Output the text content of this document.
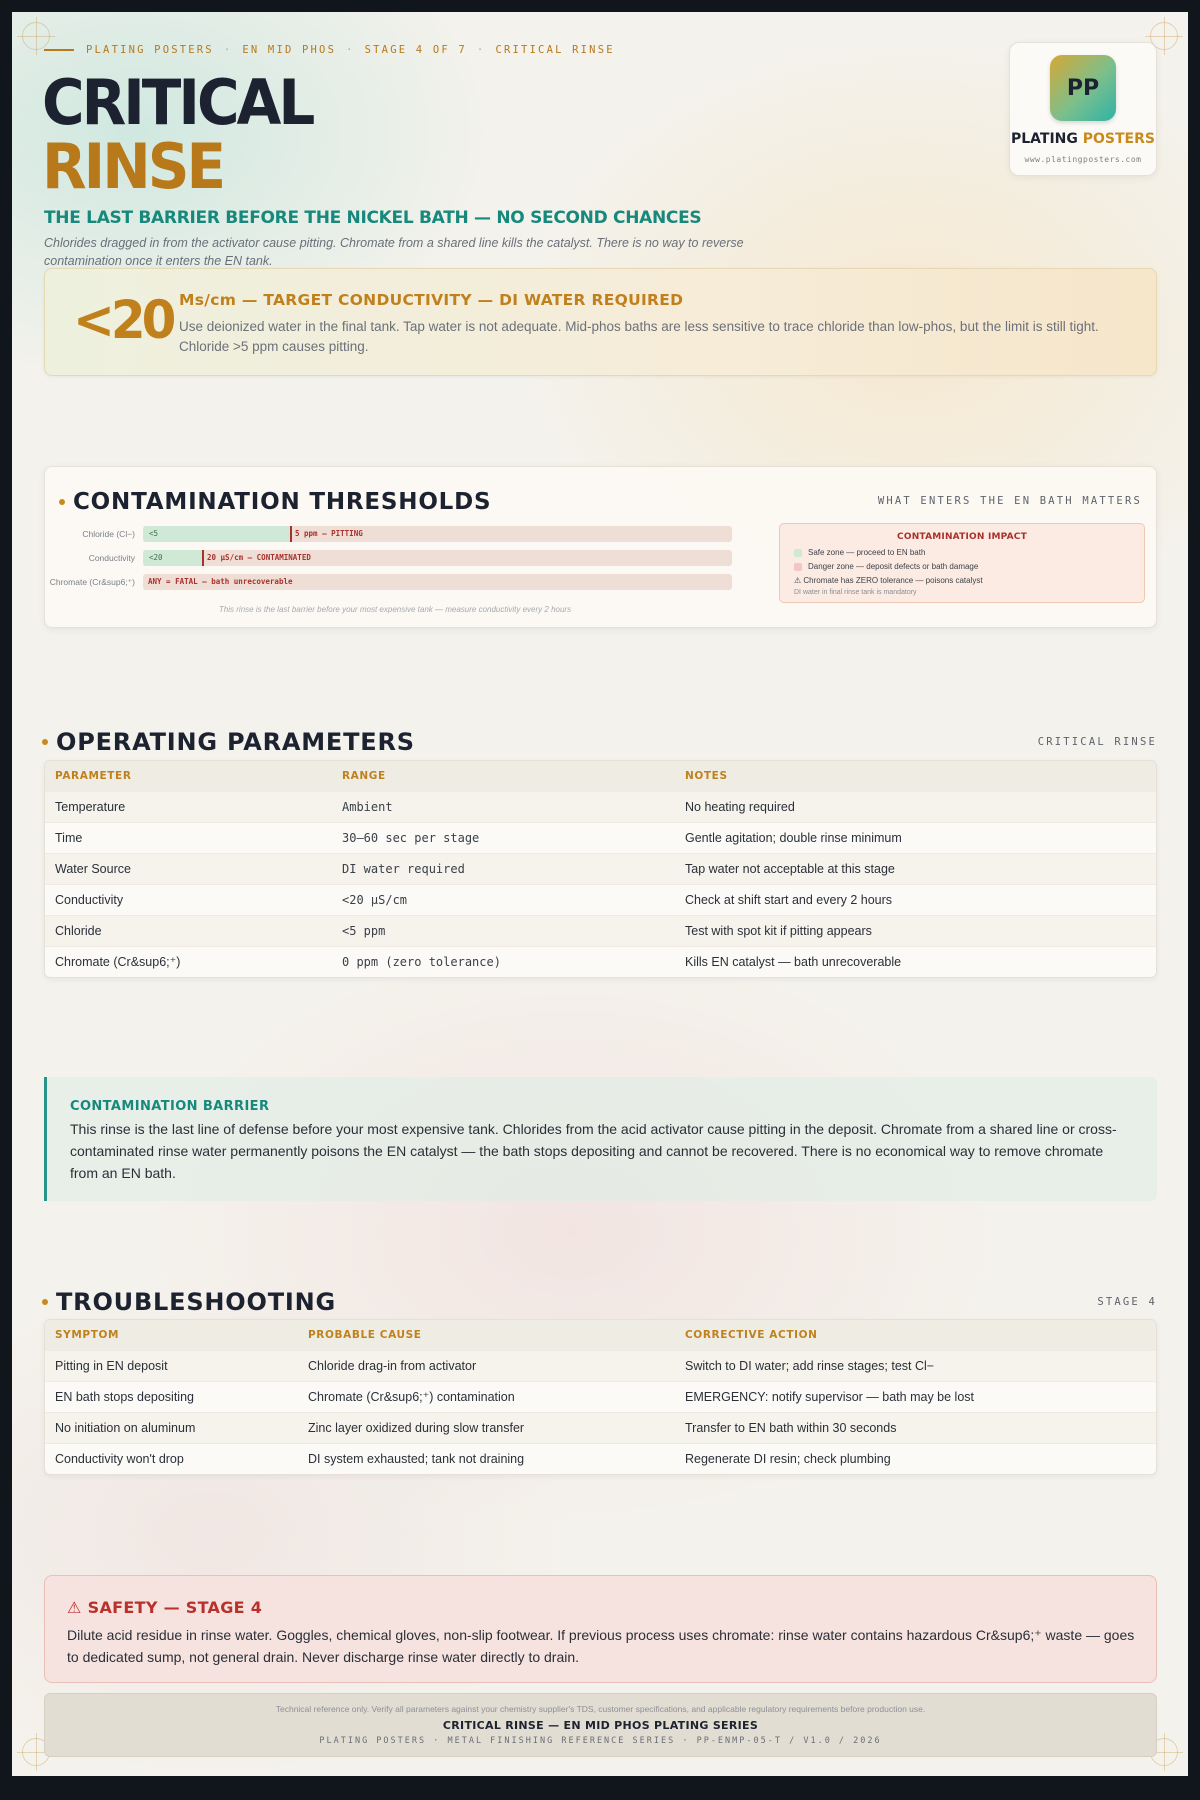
PLATING POSTERS · EN MID PHOS · STAGE 4 OF 7 · CRITICAL RINSE
CRITICAL
RINSE
THE LAST BARRIER BEFORE THE NICKEL BATH — NO SECOND CHANCES
Chlorides dragged in from the activator cause pitting. Chromate from a shared line kills the catalyst. There is no way to reverse contamination once it enters the EN tank.
PP
PLATING POSTERS
www.platingposters.com
<20 Ms/cm — TARGET CONDUCTIVITY — DI WATER REQUIRED
Use deionized water in the final tank. Tap water is not adequate. Mid-phos baths are less sensitive to trace chloride than low-phos, but the limit is still tight. Chloride >5 ppm causes pitting.
CONTAMINATION THRESHOLDS	WHAT ENTERS THE EN BATH MATTERS
Chloride (Cl−) <5	5 ppm — PITTING
Conductivity <20	20 μS/cm — CONTAMINATED
Chromate (Cr&sup6;⁺) ANY = FATAL — bath unrecoverable
This rinse is the last barrier before your most expensive tank — measure conductivity every 2 hours
CONTAMINATION IMPACT
Safe zone — proceed to EN bath
Danger zone — deposit defects or bath damage
⚠ Chromate has ZERO tolerance — poisons catalyst
DI water in final rinse tank is mandatory
OPERATING PARAMETERS	CRITICAL RINSE
PARAMETER	RANGE	NOTES
Temperature	Ambient	No heating required
Time	30–60 sec per stage	Gentle agitation; double rinse minimum
Water Source	DI water required	Tap water not acceptable at this stage
Conductivity	<20 μS/cm	Check at shift start and every 2 hours
Chloride	<5 ppm	Test with spot kit if pitting appears
Chromate (Cr&sup6;⁺)	0 ppm (zero tolerance)	Kills EN catalyst — bath unrecoverable
CONTAMINATION BARRIER
This rinse is the last line of defense before your most expensive tank. Chlorides from the acid activator cause pitting in the deposit. Chromate from a shared line or cross-contaminated rinse water permanently poisons the EN catalyst — the bath stops depositing and cannot be recovered. There is no economical way to remove chromate from an EN bath.
TROUBLESHOOTING	STAGE 4
SYMPTOM	PROBABLE CAUSE	CORRECTIVE ACTION
Pitting in EN deposit	Chloride drag-in from activator	Switch to DI water; add rinse stages; test Cl−
EN bath stops depositing	Chromate (Cr&sup6;⁺) contamination	EMERGENCY: notify supervisor — bath may be lost
No initiation on aluminum	Zinc layer oxidized during slow transfer	Transfer to EN bath within 30 seconds
Conductivity won't drop	DI system exhausted; tank not draining	Regenerate DI resin; check plumbing
⚠ SAFETY — STAGE 4
Dilute acid residue in rinse water. Goggles, chemical gloves, non-slip footwear. If previous process uses chromate: rinse water contains hazardous Cr&sup6;⁺ waste — goes to dedicated sump, not general drain. Never discharge rinse water directly to drain.
Technical reference only. Verify all parameters against your chemistry supplier's TDS, customer specifications, and applicable regulatory requirements before production use.
CRITICAL RINSE — EN MID PHOS PLATING SERIES
PLATING POSTERS · METAL FINISHING REFERENCE SERIES · PP-ENMP-05-T / V1.0 / 2026
